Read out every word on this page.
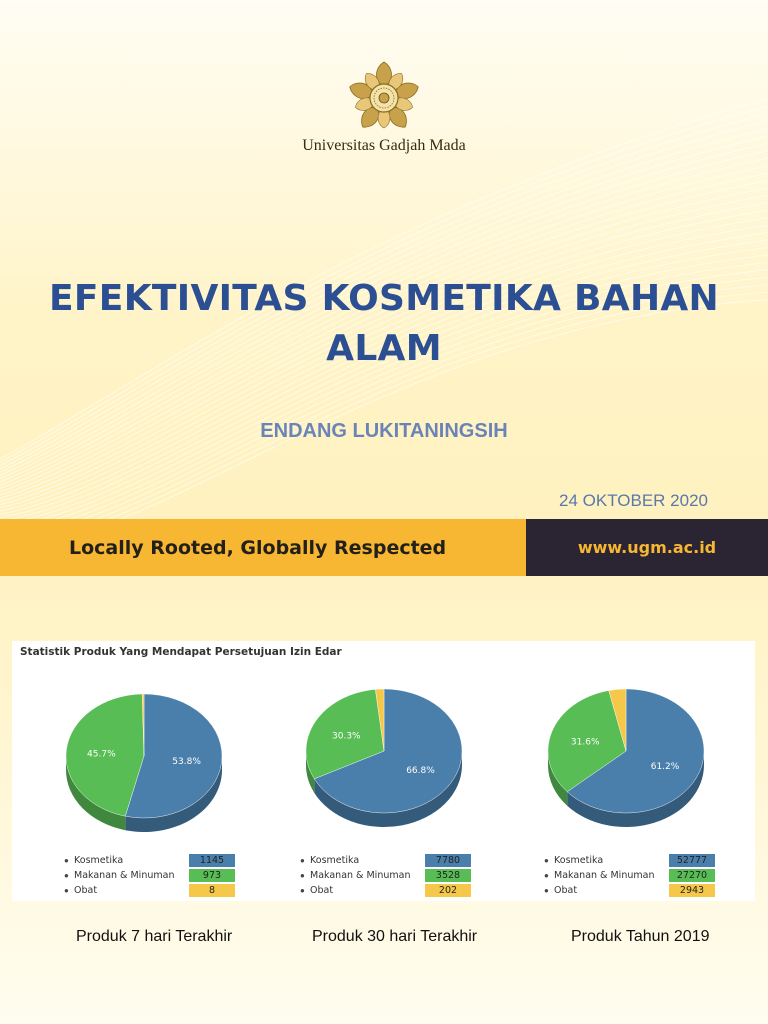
Universitas Gadjah Mada
EFEKTIVITAS KOSMETIKA BAHAN
ALAM
ENDANG LUKITANINGSIH
24 OKTOBER 2020
Locally Rooted, Globally Respected	www.ugm.ac.id
Statistik Produk Yang Mendapat Persetujuan Izin Edar
53.8%
45.7%
66.8%
30.3%
61.2%
31.6%
● Kosmetika	1145
● Makanan & Minuman	973
● Obat	8
● Kosmetika	7780
● Makanan & Minuman	3528
● Obat	202
● Kosmetika	52777
● Makanan & Minuman	27270
● Obat	2943
Produk 7 hari Terakhir	Produk 30 hari Terakhir	Produk Tahun 2019
